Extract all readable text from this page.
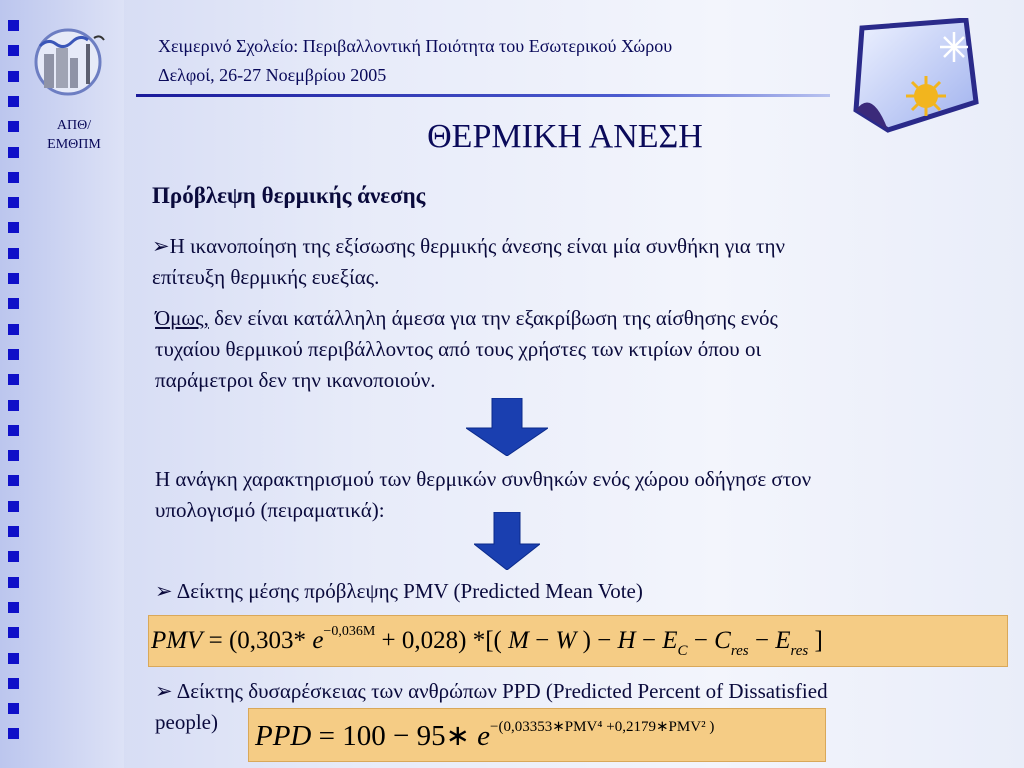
ΑΠΘ/
ΕΜΘΠΜ
Χειμερινό Σχολείο: Περιβαλλοντική Ποιότητα του Εσωτερικού Χώρου
Δελφοί, 26-27 Νοεμβρίου 2005
ΘΕΡΜΙΚΗ ΑΝΕΣΗ
Πρόβλεψη θερμικής άνεσης
➢Η ικανοποίηση της εξίσωσης θερμικής άνεσης είναι μία συνθήκη για την
επίτευξη θερμικής ευεξίας.
Όμως, δεν είναι κατάλληλη άμεσα για την εξακρίβωση της αίσθησης ενός
τυχαίου θερμικού περιβάλλοντος από τους χρήστες των κτιρίων όπου οι
παράμετροι δεν την ικανοποιούν.
Η ανάγκη χαρακτηρισμού των θερμικών συνθηκών ενός χώρου οδήγησε στον
υπολογισμό (πειραματικά):
➢ Δείκτης μέσης πρόβλεψης PMV (Predicted Mean Vote)
PMV = (0,303* $e^{-0,036M} + 0,028$) *[( M − W ) − $H - E_C - C_{res} - E_{res}$ ]
➢ Δείκτης δυσαρέσκειας των ανθρώπων PPD (Predicted Percent of Dissatisfied
people)	PPD = 100 − 95∗ $e^{-(0,03353∗PMV^4 +0,2179∗PMV^2 )}$
